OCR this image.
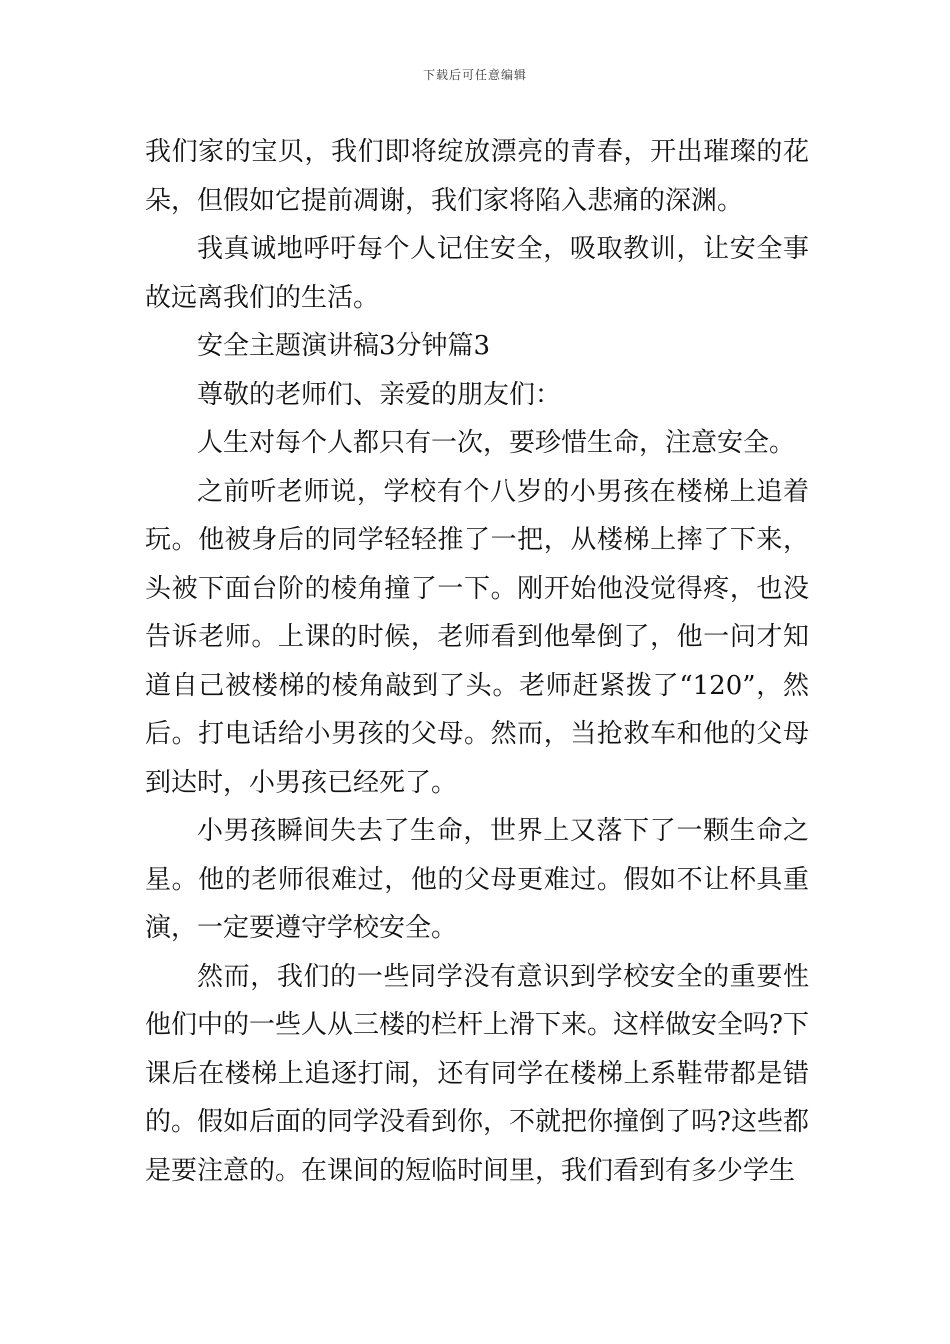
下载后可任意编辑

我们家的宝贝，我们即将绽放漂亮的青春，开出璀璨的花朵，但假如它提前凋谢，我们家将陷入悲痛的深渊。

我真诚地呼吁每个人记住安全，吸取教训，让安全事故远离我们的生活。

安全主题演讲稿3分钟篇3

尊敬的老师们、亲爱的朋友们：

人生对每个人都只有一次，要珍惜生命，注意安全。

之前听老师说，学校有个八岁的小男孩在楼梯上追着玩。他被身后的同学轻轻推了一把，从楼梯上摔了下来，头被下面台阶的棱角撞了一下。刚开始他没觉得疼，也没告诉老师。上课的时候，老师看到他晕倒了，他一问才知道自己被楼梯的棱角敲到了头。老师赶紧拨了“120”，然后。打电话给小男孩的父母。然而，当抢救车和他的父母到达时，小男孩已经死了。

小男孩瞬间失去了生命，世界上又落下了一颗生命之星。他的老师很难过，他的父母更难过。假如不让杯具重演，一定要遵守学校安全。

然而，我们的一些同学没有意识到学校安全的重要性他们中的一些人从三楼的栏杆上滑下来。这样做安全吗?下课后在楼梯上追逐打闹，还有同学在楼梯上系鞋带都是错的。假如后面的同学没看到你，不就把你撞倒了吗?这些都是要注意的。在课间的短临时间里，我们看到有多少学生
